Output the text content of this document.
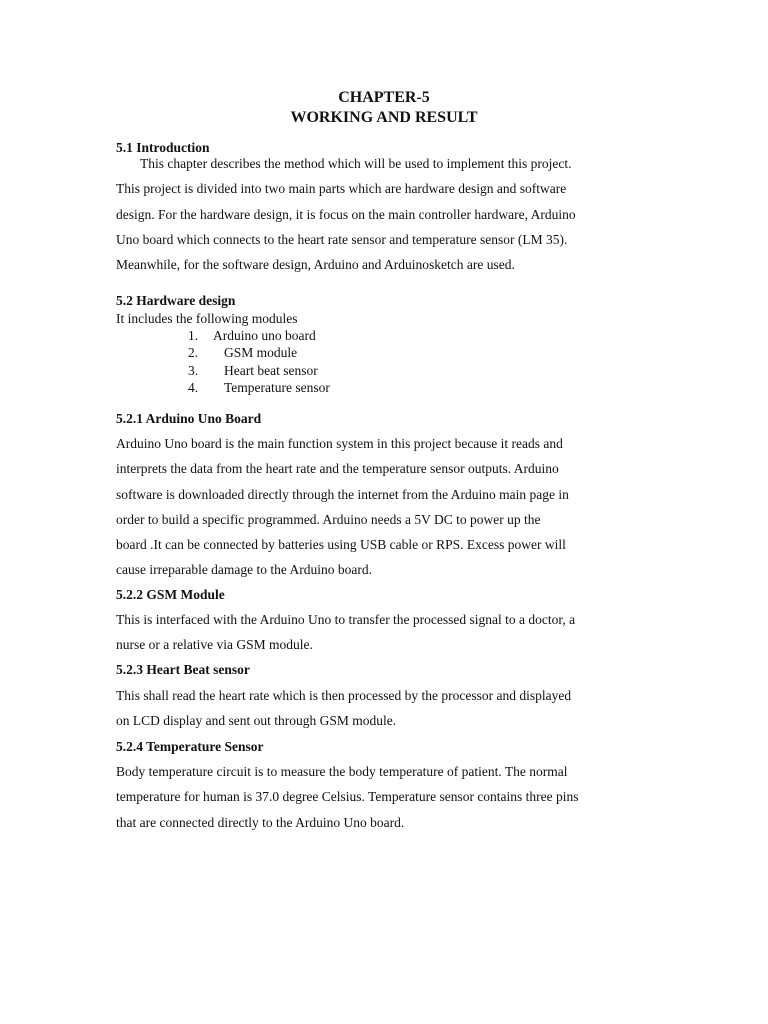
CHAPTER-5
WORKING AND RESULT
5.1 Introduction
This chapter describes the method which will be used to implement this project.
This project is divided into two main parts which are hardware design and software
design. For the hardware design, it is focus on the main controller hardware, Arduino
Uno board which connects to the heart rate sensor and temperature sensor (LM 35).
Meanwhile, for the software design, Arduino and Arduinosketch are used.
5.2 Hardware design
It includes the following modules
1. Arduino uno board
2. GSM module
3. Heart beat sensor
4. Temperature sensor
5.2.1 Arduino Uno Board
Arduino Uno board is the main function system in this project because it reads and
interprets the data from the heart rate and the temperature sensor outputs. Arduino
software is downloaded directly through the internet from the Arduino main page in
order to build a specific programmed. Arduino needs a 5V DC to power up the
board .It can be connected by batteries using USB cable or RPS. Excess power will
cause irreparable damage to the Arduino board.
5.2.2 GSM Module
This is interfaced with the Arduino Uno to transfer the processed signal to a doctor, a
nurse or a relative via GSM module.
5.2.3 Heart Beat sensor
This shall read the heart rate which is then processed by the processor and displayed
on LCD display and sent out through GSM module.
5.2.4 Temperature Sensor
Body temperature circuit is to measure the body temperature of patient. The normal
temperature for human is 37.0 degree Celsius. Temperature sensor contains three pins
that are connected directly to the Arduino Uno board.
